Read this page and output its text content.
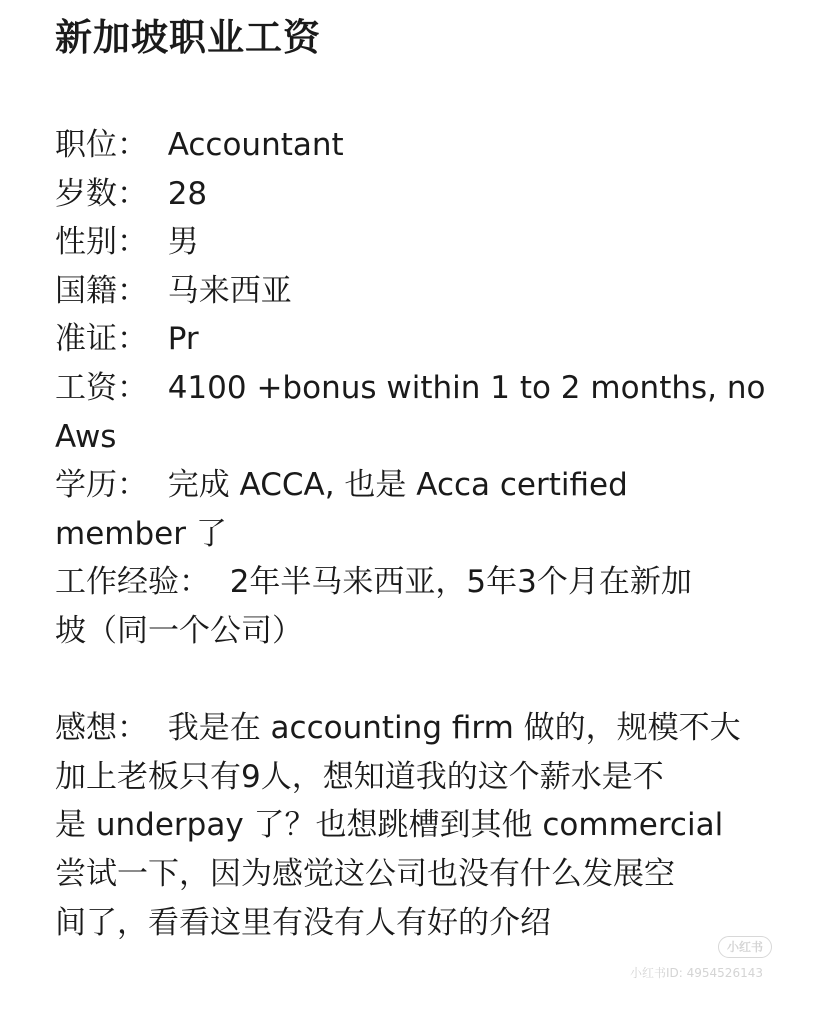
新加坡职业工资

职位：  Accountant

岁数：  28

性别：  男

国籍：  马来西亚

准证：  Pr

工资：  4100 +bonus within 1 to 2 months, no

Aws

学历：  完成 ACCA, 也是 Acca certified

member 了

工作经验：  2年半马来西亚，5年3个月在新加

坡（同一个公司）

感想：  我是在 accounting firm 做的，规模不大

加上老板只有9人，想知道我的这个薪水是不

是 underpay 了？也想跳槽到其他 commercial

尝试一下，因为感觉这公司也没有什么发展空

间了，看看这里有没有人有好的介绍

小红书
小红书ID: 4954526143
